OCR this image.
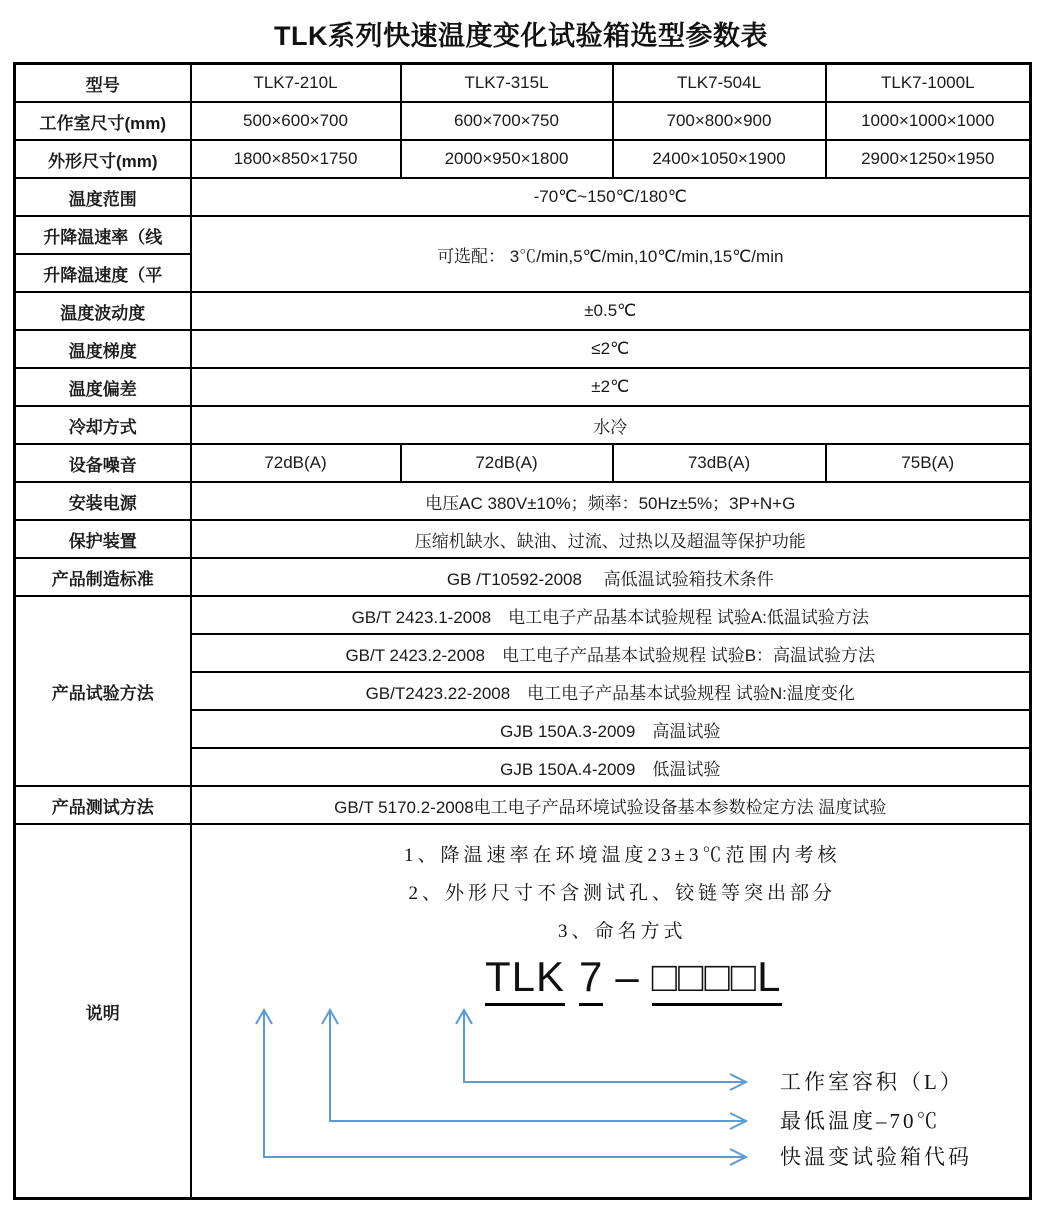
TLK系列快速温度变化试验箱选型参数表
型号	TLK7-210L	TLK7-315L	TLK7-504L	TLK7-1000L
工作室尺寸(mm)	500×600×700	600×700×750	700×800×900	1000×1000×1000
外形尺寸(mm)	1800×850×1750	2000×950×1800	2400×1050×1900	2900×1250×1950
温度范围	-70℃~150℃/180℃			
升降温速率（线	可选配： 3℃/min,5℃/min,10℃/min,15℃/min			
升降温速度（平				
温度波动度	±0.5℃			
温度梯度	≤2℃			
温度偏差	±2℃			
冷却方式	水冷			
设备噪音	72dB(A)	72dB(A)	73dB(A)	75B(A)
安装电源	电压AC 380V±10%；频率：50Hz±5%；3P+N+G			
保护装置	压缩机缺水、缺油、过流、过热以及超温等保护功能			
产品制造标准	GB /T10592-2008　 高低温试验箱技术条件			
产品试验方法	GB/T 2423.1-2008　电工电子产品基本试验规程 试验A:低温试验方法			
	GB/T 2423.2-2008　电工电子产品基本试验规程 试验B：高温试验方法			
	GB/T2423.22-2008　电工电子产品基本试验规程 试验N:温度变化			
	GJB 150A.3-2009　高温试验			
	GJB 150A.4-2009　低温试验			
产品测试方法	GB/T 5170.2-2008电工电子产品环境试验设备基本参数检定方法 温度试验			
说明	
1、降温速率在环境温度23±3℃范围内考核
2、外形尺寸不含测试孔、铰链等突出部分
3、命名方式
TLK 7 – □□□□L
工作室容积（L）
最低温度–70℃
快温变试验箱代码
